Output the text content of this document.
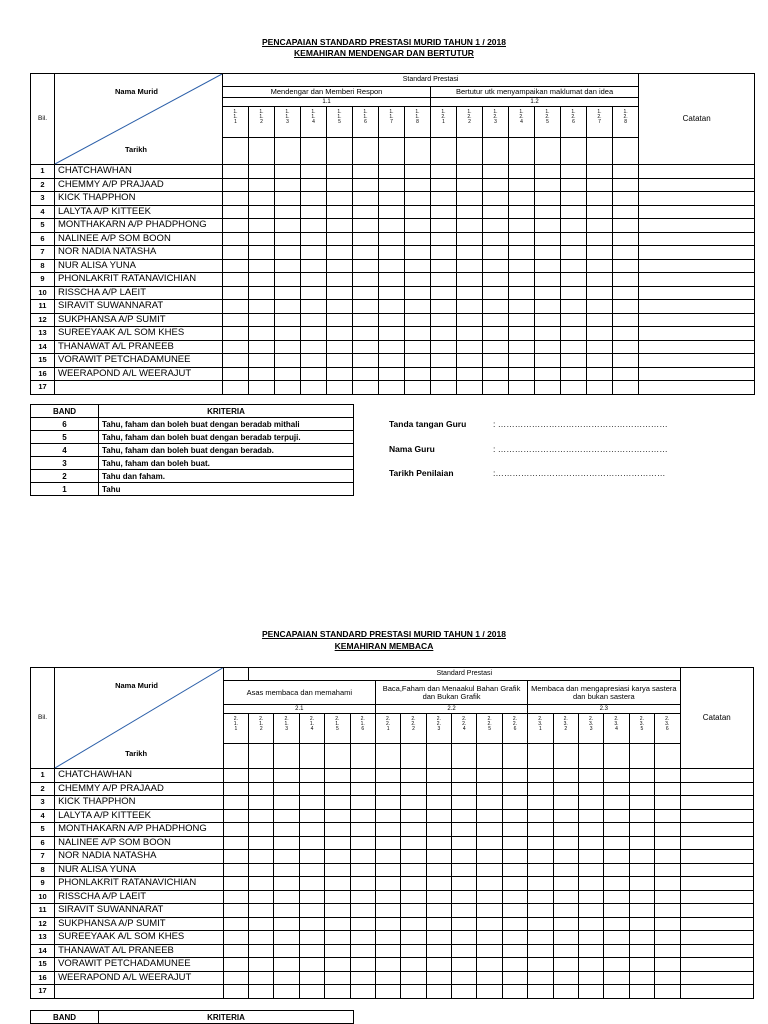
PENCAPAIAN STANDARD PRESTASI MURID TAHUN 1 / 2018
KEMAHIRAN MENDENGAR DAN BERTUTUR
Bil.	Nama Murid
Tarikh	Standard Prestasi																Catatan
		Mendengar dan Memberi Respon								Bertutur utk menyampaikan maklumat dan idea								
		1.1								1.2								
		1.1.1	1.1.2	1.1.3	1.1.4	1.1.5	1.1.6	1.1.7	1.1.8	1.2.1	1.2.2	1.2.3	1.2.4	1.2.5	1.2.6	1.2.7	1.2.8	

1	CHATCHAWHAN																	
2	CHEMMY A/P PRAJAAD																	
3	KICK THAPPHON																	
4	LALYTA A/P KITTEEK																	
5	MONTHAKARN A/P PHADPHONG																	
6	NALINEE A/P SOM BOON																	
7	NOR NADIA NATASHA																	
8	NUR ALISA YUNA																	
9	PHONLAKRIT RATANAVICHIAN																	
10	RISSCHA A/P LAEIT																	
11	SIRAVIT SUWANNARAT																	
12	SUKPHANSA A/P SUMIT																	
13	SUREEYAAK A/L SOM KHES																	
14	THANAWAT A/L PRANEEB																	
15	VORAWIT PETCHADAMUNEE																	
16	WEERAPOND A/L WEERAJUT																	
17																		
BAND	KRITERIA
6	Tahu, faham dan boleh buat dengan beradab mithali
5	Tahu, faham dan boleh buat dengan beradab terpuji.
4	Tahu, faham dan boleh buat dengan beradab.
3	Tahu, faham dan boleh buat.
2	Tahu dan faham.
1	Tahu
Tanda tangan Guru	: ……………………………………………………
Nama Guru	: ……………………………………………………
Tarikh Penilaian	:……………………………………………………
PENCAPAIAN STANDARD PRESTASI MURID TAHUN 1 / 2018
KEMAHIRAN MEMBACA
Bil.	Nama Murid
Tarikh		Standard Prestasi																	Catatan
		Asas membaca dan memahami						Baca,Faham dan Menaakul Bahan Grafik dan Bukan Grafik						Membaca dan mengapresiasi karya sastera dan bukan sastera						
		2.1						2.2						2.3						
		2.1.1	2.1.2	2.1.3	2.1.4	2.1.5	2.1.6	2.2.1	2.2.2	2.2.3	2.2.4	2.2.5	2.2.6	2.3.1	2.3.2	2.3.3	2.3.4	2.3.5	2.3.6	

1	CHATCHAWHAN																			
2	CHEMMY A/P PRAJAAD																			
3	KICK THAPPHON																			
4	LALYTA A/P KITTEEK																			
5	MONTHAKARN A/P PHADPHONG																			
6	NALINEE A/P SOM BOON																			
7	NOR NADIA NATASHA																			
8	NUR ALISA YUNA																			
9	PHONLAKRIT RATANAVICHIAN																			
10	RISSCHA A/P LAEIT																			
11	SIRAVIT SUWANNARAT																			
12	SUKPHANSA A/P SUMIT																			
13	SUREEYAAK A/L SOM KHES																			
14	THANAWAT A/L PRANEEB																			
15	VORAWIT PETCHADAMUNEE																			
16	WEERAPOND A/L WEERAJUT																			
17																				
BAND	KRITERIA
